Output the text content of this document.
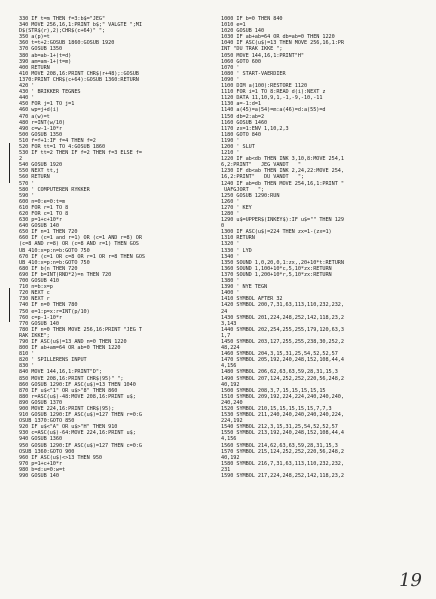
330 IF t=m THEN f=3:b$="JEG"
340 MOVE 256,16,1:PRINT b$;" VALGTE ";MI
D$(STR$(r),2);CHR$(c+64)" ";
350 a(p)=t
360 t=t+2:GOSUB 1860:GOSUB 1920
370 GOSUB 1350
380 ab=ab-1+(t=d)
390 am=am-1+(t=m)
400 RETURN
410 MOVE 208,16:PRINT CHR$(r+48);:GOSUB
1370:PRINT CHR$(c+64):GOSUB 1360:RETURN
420 '
430 ' BRIKKER TEGNES
440 '
450 FOR j=1 TO j=1
460 wp=j+d(i)
470 a(w)=t
480 r=INT(w/10)
490 c=w-1-10*r
500 GOSUB 1350
510 f=f+1:IF f=4 THEN f=2
520 FOR tt=1 TO 4:GOSUB 1860
530 IF tt=2 THEN IF f=2 THEN f=3 ELSE f=
2
540 GOSUB 1920
550 NEXT tt,j
560 RETURN
570 '
580 ' COMPUTEREN RYKKER
590 '
600 n=0:e=0:t=m
610 FOR r=1 TO 8
620 FOR c=1 TO 8
630 p=1+c+10*r
640 GOSUB 140
650 IF n=1 THEN 720
660 IF (c=1 and r=1) OR (c=1 AND r=8) OR
(c=8 AND r=8) OR (c=8 AND r=1) THEN GOS
UB 410:x=p:n=b:GOTO 750
670 IF (c=1 OR c=8 OR r=1 OR r=8 THEN GOS
UB 410:x=p:n=b:GOTO 750
680 IF b(n THEN 720
690 IF b=INT(RND*2)=n THEN 720
700 GOSUB 410
710 n=b:x=p
720 NEXT c
730 NEXT r
740 IF n=0 THEN 780
750 e=1:p=x:r=INT(p/10)
760 c=p-1-10*r
770 GOSUB 140
780 IF n=0 THEN MOVE 256,16:PRINT "JEG T
RAK IKKE";
790 IF ASC(u$)=13 AND n=0 THEN 1220
800 IF ab+am=64 OR ab=0 THEN 1220
810 '
820 ' SPILLERENS INPUT
830 '
840 MOVE 144,16,1:PRINT"D";
850 MOVE 208,16:PRINT CHR$(95)" ";
860 GOSUB 1290:IF ASC(u$)=13 THEN 1040
870 IF u$<"1" OR u$>"8" THEN 860
880 r=ASC(u$)-48:MOVE 208,16:PRINT u$;
890 GOSUB 1370
900 MOVE 224,16:PRINT CHR$(95);
910 GOSUB 1290:IF ASC(u$)=127 THEN r=0:G
OSUB 1370:GOTO 850
920 IF u$<"A" OR u$>"H" THEN 910
930 c=ASC(u$)-64:MOVE 224,16:PRINT u$;
940 GOSUB 1360
950 GOSUB 1290:IF ASC(u$)=127 THEN c=0:G
OSUB 1360:GOTO 900
960 IF ASC(u$)<>13 THEN 950
970 p=1+c+10*r
980 b=d:u=0:w=t
990 GOSUB 140
1000 IF b=0 THEN 840
1010 e=1
1020 GOSUB 140
1030 IF ab+ab=64 OR db=ab=0 THEN 1220
1040 IF ASC(u$)=13 THEN MOVE 256,16,1:PR
INT "DU TRAK IKKE ";
1050 MOVE 144,16,1:PRINT"H"
1060 GOTO 600
1070 '
1080 ' START-VAERDIER
1090 '
1100 DIM a(100):RESTORE 1120
1110 FOR i=1 TO 8:READ d(i):NEXT z
1120 DATA 11,10,9,1,-1,-9,-10,-11
1130 a=-1:d=1
1140 a(45)=a(54)=m:a(46)=d:a(55)=d
1150 db=2:ab=2
1160 GOSUB 1460
1170 zx=1:ENV 1,10,2,3
1180 GOTO 840
1190 '
1200 ' SLUT
1210 '
1220 IF ab<db THEN INK 3,10,8:MOVE 254,1
6,2:PRINT"   JEG VANDT   "
1230 IF db<ab THEN INK 2,24,22:MOVE 254,
16,2:PRINT"   DU VANDT   ";
1240 IF ab=db THEN MOVE 254,16,1:PRINT "
UAFGJORT   ";
1250 GOSUB 1290:RUN
1260 '
1270 ' KEY
1280 '
1290 u$=UPPER$(INKEY$):IF u$="" THEN 129
0
1300 IF ASC(u$)=224 THEN zx=1-(zx=1)
1310 RETURN
1320 '
1330 ' LYD
1340 '
1350 SOUND 1,0,20,0,1:zx,,20+10*t:RETURN
1360 SOUND 1,100+10*c,5,10*zx:RETURN
1370 SOUND 1,200+10*r,5,10*zx:RETURN
1380 '
1390 ' NYE TEGN
1400 '
1410 SYMBOL AFTER 32
1420 SYMBOL 200,7,31,63,113,110,232,232,
24
1430 SYMBOL 201,224,248,252,142,118,23,2
3,143
1440 SYMBOL 202,254,255,255,179,120,63,3
1,7
1450 SYMBOL 203,127,255,255,238,30,252,2
48,224
1460 SYMBOL 204,3,15,31,25,54,52,52,57
1470 SYMBOL 205,192,240,248,152,108,44,4
4,156
1480 SYMBOL 206,62,63,63,59,28,31,15,3
1490 SYMBOL 207,124,252,252,220,56,248,2
40,192
1500 SYMBOL 208,3,7,15,15,15,15,15
1510 SYMBOL 209,192,224,224,240,240,240,
240,240
1520 SYMBOL 210,15,15,15,15,15,7,7,3
1530 SYMBOL 211,240,240,240,240,240,224,
224,192
1540 SYMBOL 212,3,15,31,25,54,52,52,57
1550 SYMBOL 213,192,240,248,152,108,44,4
4,156
1560 SYMBOL 214,62,63,63,59,28,31,15,3
1570 SYMBOL 215,124,252,252,220,56,248,2
40,192
1580 SYMBOL 216,7,31,63,113,110,232,232,
231
1590 SYMBOL 217,224,248,252,142,118,23,2
19
